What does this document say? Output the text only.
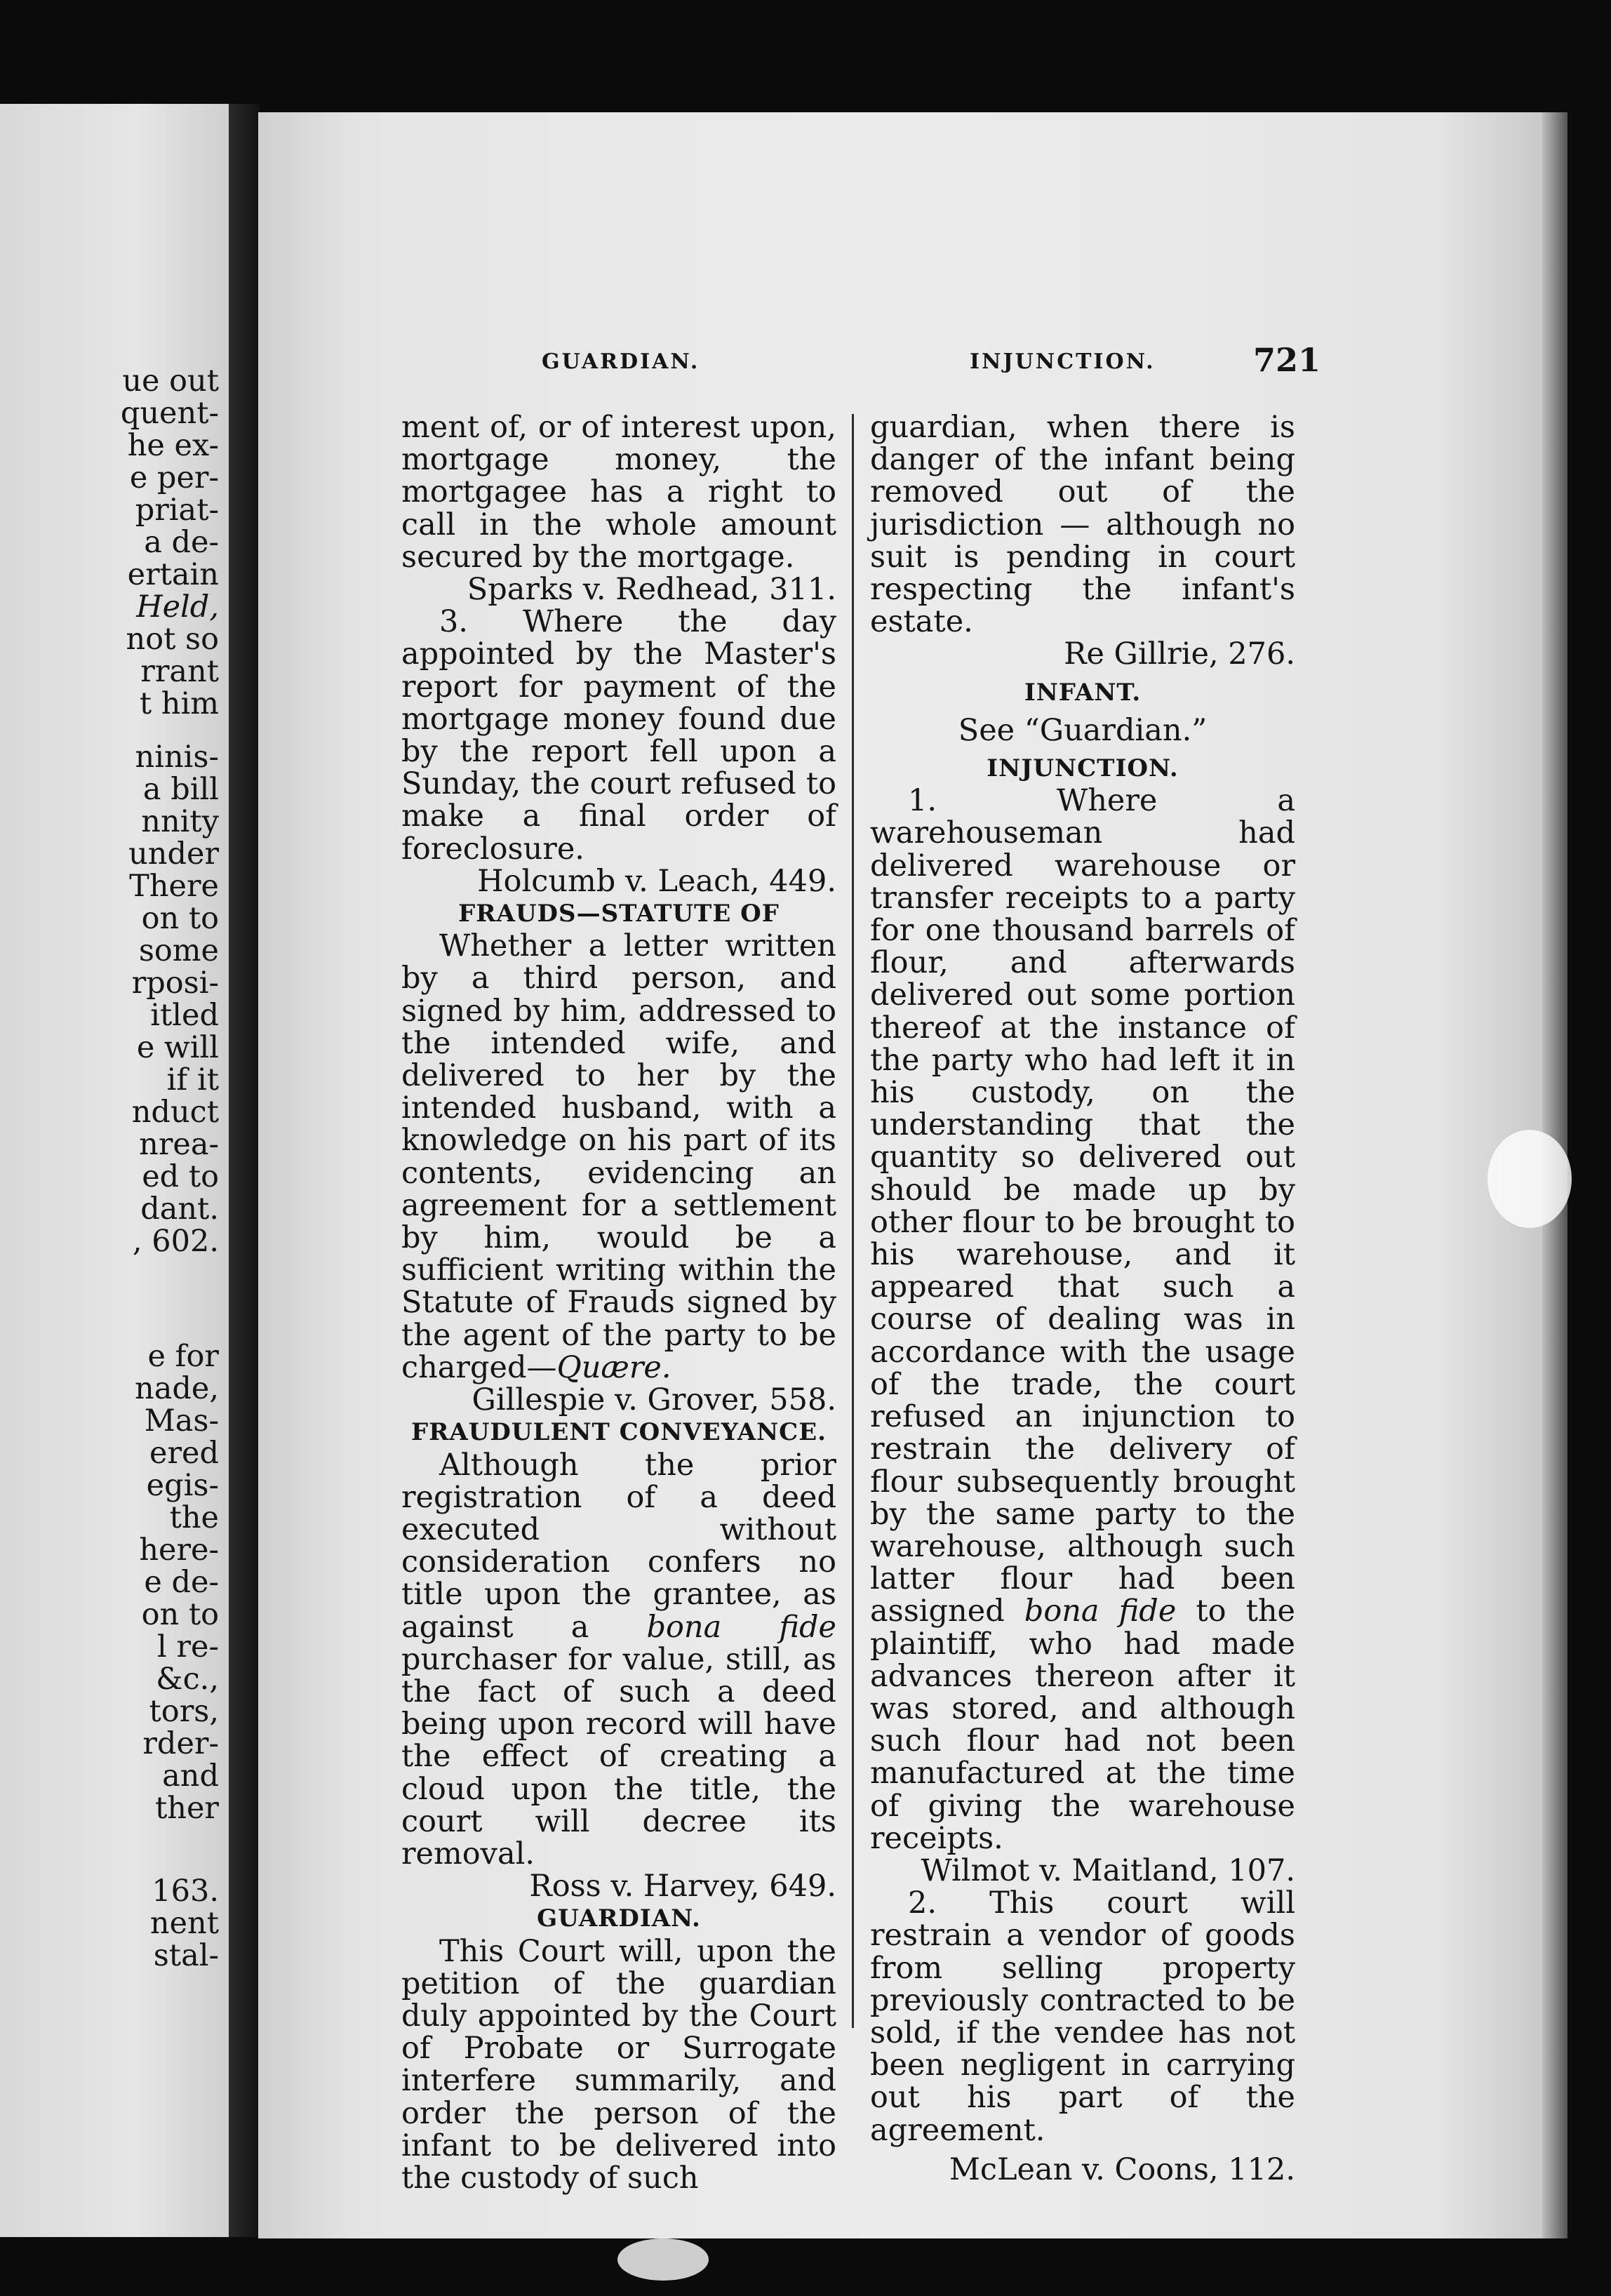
ue out
quent-
he ex-
e per-
priat-
a de-
ertain
Held,
not so
rrant
t him
ninis-
a bill
nnity
under
There
on to
some
rposi-
itled
e will
if it
nduct
nrea-
ed to
dant.
, 602.
e for
nade,
Mas-
ered
egis-
the
here-
e de-
on to
l re-
&c.,
tors,
rder-
and
ther
163.
nent
stal-
GUARDIAN.	INJUNCTION.	721

ment of, or of interest upon, mortgage money, the mortgagee has a right to call in the whole amount secured by the mortgage.

Sparks v. Redhead, 311.

3. Where the day appointed by the Master's report for payment of the mortgage money found due by the report fell upon a Sunday, the court refused to make a final order of foreclosure.

Holcumb v. Leach, 449.

FRAUDS—STATUTE OF

Whether a letter written by a third person, and signed by him, addressed to the intended wife, and delivered to her by the intended husband, with a knowledge on his part of its contents, evidencing an agreement for a settlement by him, would be a sufficient writing within the Statute of Frauds signed by the agent of the party to be charged—Quære.

Gillespie v. Grover, 558.

FRAUDULENT CONVEYANCE.

Although the prior registration of a deed executed without consideration confers no title upon the grantee, as against a bona fide purchaser for value, still, as the fact of such a deed being upon record will have the effect of creating a cloud upon the title, the court will decree its removal.

Ross v. Harvey, 649.

GUARDIAN.

This Court will, upon the petition of the guardian duly appointed by the Court of Probate or Surrogate interfere summarily, and order the person of the infant to be delivered into the custody of such

guardian, when there is danger of the infant being removed out of the jurisdiction — although no suit is pending in court respecting the infant's estate.

Re Gillrie, 276.

INFANT.

See “Guardian.”

INJUNCTION.

1. Where a warehouseman had delivered warehouse or transfer receipts to a party for one thousand barrels of flour, and afterwards delivered out some portion thereof at the instance of the party who had left it in his custody, on the understanding that the quantity so delivered out should be made up by other flour to be brought to his warehouse, and it appeared that such a course of dealing was in accordance with the usage of the trade, the court refused an injunction to restrain the delivery of flour subsequently brought by the same party to the warehouse, although such latter flour had been assigned bona fide to the plaintiff, who had made advances thereon after it was stored, and although such flour had not been manufactured at the time of giving the warehouse receipts.

Wilmot v. Maitland, 107.

2. This court will restrain a vendor of goods from selling property previously contracted to be sold, if the vendee has not been negligent in carrying out his part of the agreement.

McLean v. Coons, 112.
